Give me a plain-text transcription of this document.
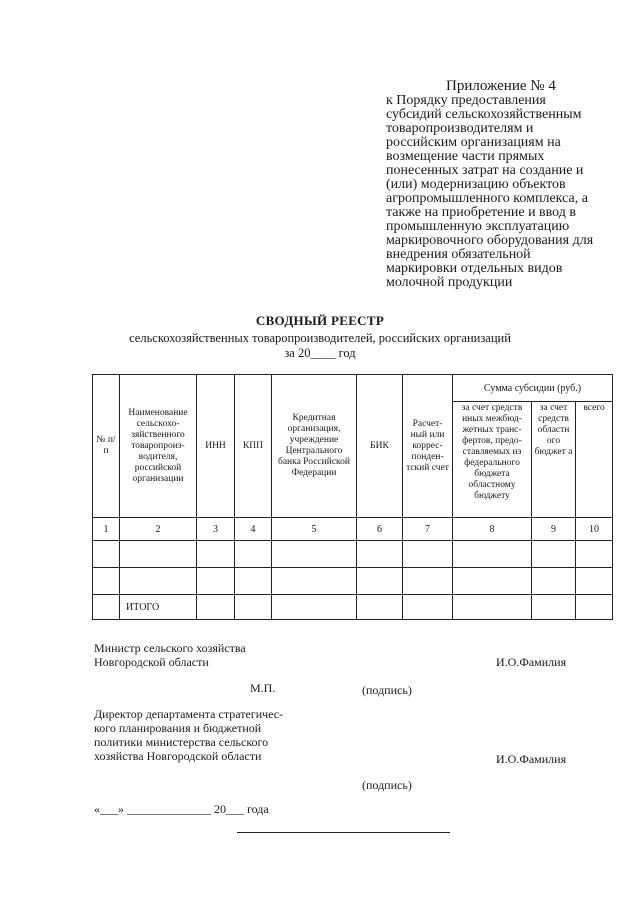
Приложение № 4
к Порядку предоставления
субсидий сельскохозяйственным
товаропроизводителям и
российским организациям на
возмещение части прямых
понесенных затрат на создание и
(или) модернизацию объектов
агропромышленного комплекса, а
также на приобретение и ввод в
промышленную эксплуатацию
маркировочного оборудования для
внедрения обязательной
маркировки отдельных видов
молочной продукции
СВОДНЫЙ РЕЕСТР
сельскохозяйственных товаропроизводителей, российских организаций
за 20____ год
№ п/п	Наименование сельскохо-зяйственного товаропроиз-водителя, российской организации	ИНН	КПП	Кредитная организация, учреждение Центрального банка Российской Федерации	БИК	Расчет-ный или коррес-понден-тский счет	Сумма субсидии (руб.)		
							за счет средств иных межбюд-жетных транс-фертов, предо-ставляемых из федерального бюджета областному бюджету	за счет средств областн ого бюджет а	всего
1	2	3	4	5	6	7	8	9	10

	ИТОГО								
Министр сельского хозяйства
Новгородской области	И.О.Фамилия
М.П.	(подпись)
Директор департамента стратегичес-
кого планирования и бюджетной
политики министерства сельского
хозяйства Новгородской области	И.О.Фамилия
(подпись)
«___» ______________ 20___ года
